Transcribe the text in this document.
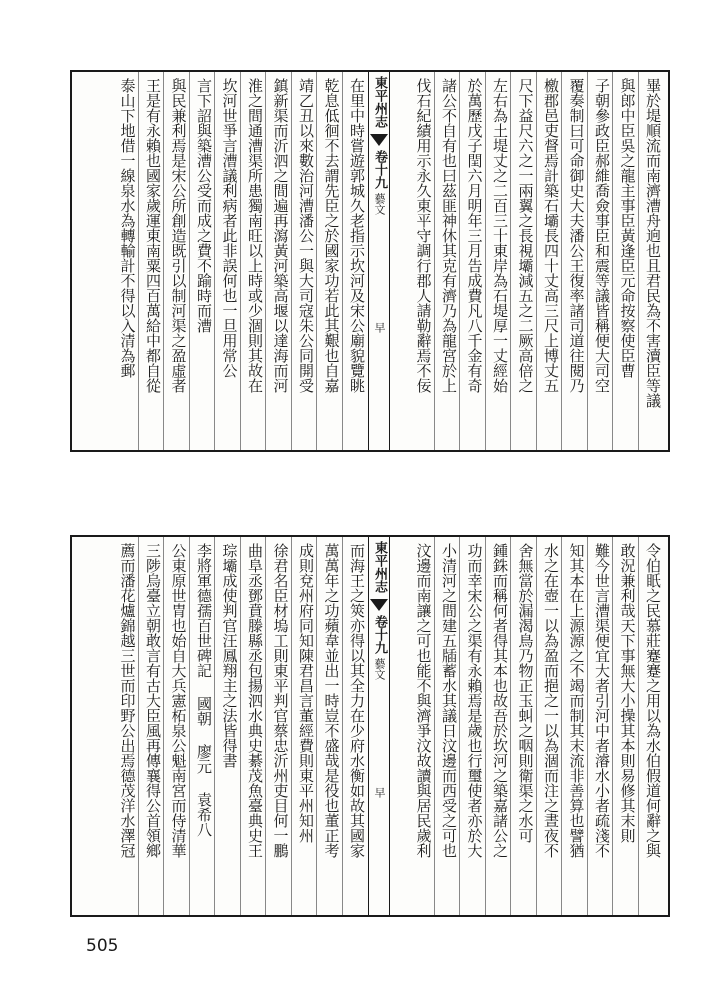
畢於堤順流而南濟漕舟逈也且君民為不害瀆臣等議
與郎中臣吳之龍主事臣黃逢臣元命按察使臣曹
子朝參政臣郝維喬僉事臣和震等議皆稱便大司空
覆奏制曰可命御史大夫潘公王復率諸司道往閱乃
檄郡邑吏督焉計築石壩長四十丈高三尺上博丈五
尺下益尺六之一兩翼之長視壩減五之二厥高倍之
左右為土堤丈之二百三十東岸為石堤厚一丈經始
於萬歷戊子閏六月明年三月告成費凡八千金有奇
諸公不自有也曰茲匪神休其克有濟乃為龍宮於上
伐石紀績用示永久東平守調行郡人請勒辭焉不佞
東平州志
卷十九
藝文
早
在里中時嘗遊郭城久老指示坎河及宋公廟貌覽眺
乾息低徊不去謂先臣之於國家功若此其艱也自嘉
靖乙丑以來數治河漕潘公一與大司寇朱公同開受
鎮新渠而沂泗之間遍再瀉黃河築高堰以達海而河
淮之間通漕渠所患獨南旺以上時或少涸則其故在
坎河世爭言漕議利病者此非誤何也一旦用常公
言下詔與築漕公受而成之費不踰時而漕
與民兼利焉是宋公所創造既引以制河渠之盈虛者
王是有永賴也國家歲運東南粟四百萬給中都自從
泰山下地借一線泉水為轉輸計不得以入清為郵
令伯眂之民慕莊蹇蹇之用以為水伯假道何辭之與
敢況兼利哉天下事無大小操其本則易修其末則
難今世言漕渠便宜大者引河中者濬水小者疏淺不
知其本在上源源之不竭而制其末流非善算也譬猶
水之在壺一以為盈而挹之一以為涸而注之晝夜不
舍無當於漏渴鳥乃物正玉虯之咽則衛渠之水可
鍾銖而稱何者得其本也故吾於坎河之築嘉諸公之
功而幸宋公之渠有永賴焉是歲也行璽使者亦於大
小清河之間建五牐蓄水其議日汶邊而西受之可也
汶邊而南讓之可也能不與濟爭汶故讀與居民歲利
東平州志
卷十九
藝文
早
而海王之筴亦得以其全力在少府水衡如故其國家
萬萬年之功蘋韋並出一時豈不盛哉是役也董正考
成則兗州府同知陳君昌言董經費則東平州知州
徐君名臣材塢工則東平判官蔡忠沂州吏目何一鵬
曲阜丞鄧賁滕縣丞包揚泗水典史綦茂魚臺典史王
琮壩成使判官汪鳳翔主之法皆得書
李將軍德孺百世碑記 國朝 廖元 袁希八
公東原世胄也始自大兵憲柘泉公魁南宮而侍清華
三陟烏臺立朝敢言有古大臣風再傳襄得公首領鄉
薦而潘花爐錦越三世而印野公出焉德茂洋水澤冠
505
